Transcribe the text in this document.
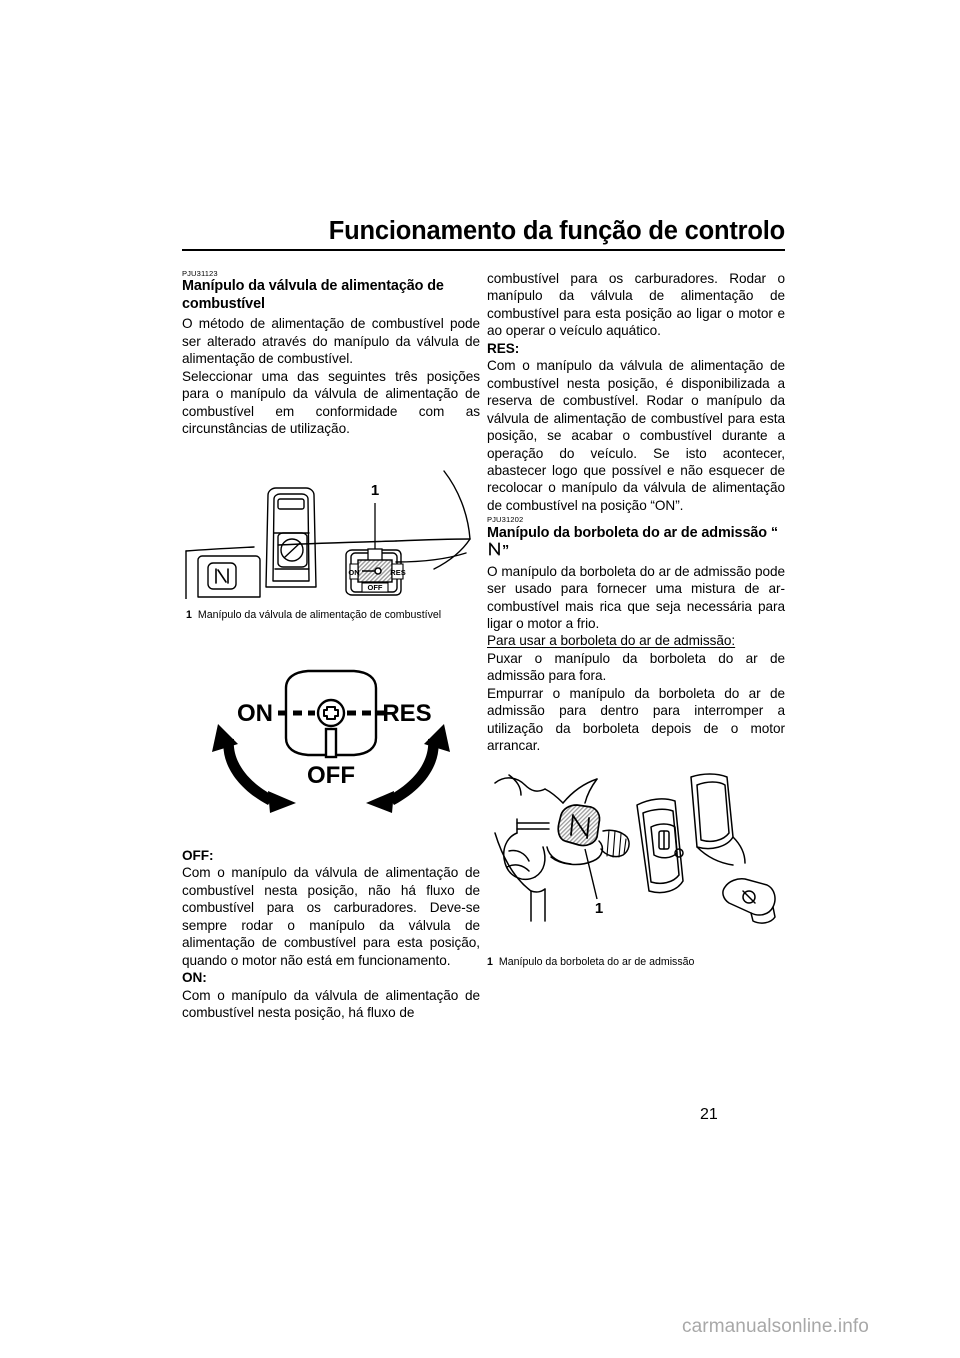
Funcionamento da função de controlo
PJU31123
Manípulo da válvula de alimentação de combustível

O método de alimentação de combustível pode ser alterado através do manípulo da válvula de alimentação de combustível.

Seleccionar uma das seguintes três posições para o manípulo da válvula de alimentação de combustível em conformidade com as circunstâncias de utilização.

ON	RES
OFF
1
1 Manípulo da válvula de alimentação de combustível
ON	RES
OFF

OFF:

Com o manípulo da válvula de alimentação de combustível nesta posição, não há fluxo de combustível para os carburadores. Deve-se sempre rodar o manípulo da válvula de alimentação de combustível para esta posição, quando o motor não está em funcionamento.

ON:

Com o manípulo da válvula de alimentação de combustível nesta posição, há fluxo de

combustível para os carburadores. Rodar o manípulo da válvula de alimentação de combustível para esta posição ao ligar o motor e ao operar o veículo aquático.

RES:

Com o manípulo da válvula de alimentação de combustível nesta posição, é disponibilizada a reserva de combustível. Rodar o manípulo da válvula de alimentação de combustível para esta posição, se acabar o combustível durante a operação do veículo. Se isto acontecer, abastecer logo que possível e não esquecer de recolocar o manípulo da válvula de alimentação de combustível na posição “ON”.

PJU31202
Manípulo da borboleta do ar de admissão “”

O manípulo da borboleta do ar de admissão pode ser usado para fornecer uma mistura de ar-combustível mais rica que seja necessária para ligar o motor a frio.

Para usar a borboleta do ar de admissão:

Puxar o manípulo da borboleta do ar de admissão para fora.

Empurrar o manípulo da borboleta do ar de admissão para dentro para interromper a utilização da borboleta depois de o motor arrancar.

1
1 Manípulo da borboleta do ar de admissão
21
carmanualsonline.info
